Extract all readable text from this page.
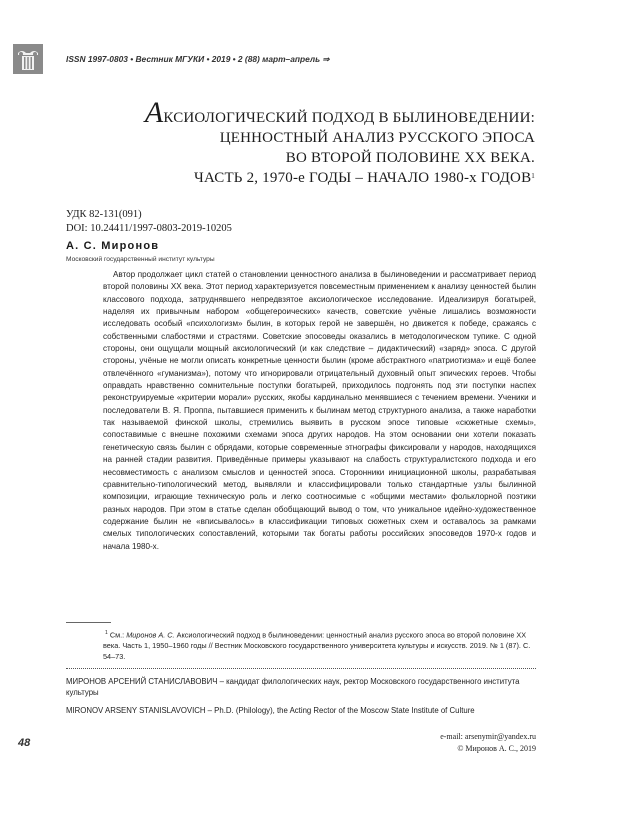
ISSN 1997-0803 • Вестник МГУКИ • 2019 • 2 (88) март–апрель ⇒
АКСИОЛОГИЧЕСКИЙ ПОДХОД В БЫЛИНОВЕДЕНИИ:
ЦЕННОСТНЫЙ АНАЛИЗ РУССКОГО ЭПОСА
ВО ВТОРОЙ ПОЛОВИНЕ XX ВЕКА.
ЧАСТЬ 2, 1970-е ГОДЫ – НАЧАЛО 1980-х ГОДОВ$^1$
УДК 82-131(091)
DOI: 10.24411/1997-0803-2019-10205
А. С. Миронов
Московский государственный институт культуры

Автор продолжает цикл статей о становлении ценностного анализа в былиноведении и рассматривает период второй половины XX века. Этот период характеризуется повсеместным применением к анализу ценностей былин классового подхода, затруднявшего непредвзятое аксиологическое исследование. Идеализируя богатырей, наделяя их привычным набором «общегероических» качеств, советские учёные лишались возможности исследовать особый «психологизм» былин, в которых герой не завершён, но движется к победе, сражаясь с собственными слабостями и страстями. Советские эпосоведы оказались в методологическом тупике. С одной стороны, они ощущали мощный аксиологический (и как следствие – дидактический) «заряд» эпоса. С другой стороны, учёные не могли описать конкретные ценности былин (кроме абстрактного «патриотизма» и ещё более отвлечённого «гуманизма»), потому что игнорировали отрицательный духовный опыт эпических героев. Чтобы оправдать нравственно сомнительные поступки богатырей, приходилось подгонять под эти поступки наспех реконструируемые «критерии морали» русских, якобы кардинально менявшиеся с течением времени. Ученики и последователи В. Я. Проппа, пытавшиеся применить к былинам метод структурного анализа, а также наработки так называемой финской школы, стремились выявить в русском эпосе типовые «сюжетные схемы», сопоставимые с внешне похожими схемами эпоса других народов. На этом основании они хотели показать генетическую связь былин с обрядами, которые современные этнографы фиксировали у народов, находящихся на ранней стадии развития. Приведённые примеры указывают на слабость структуралистского подхода и его несовместимость с анализом смыслов и ценностей эпоса. Сторонники инициационной школы, разрабатывая сравнительно-типологический метод, выявляли и классифицировали только стандартные узлы былинной композиции, играющие техническую роль и легко соотносимые с «общими местами» фольклорной поэтики разных народов. При этом в статье сделан обобщающий вывод о том, что уникальное идейно-художественное содержание былин не «вписывалось» в классификации типовых сюжетных схем и оставалось за рамками смелых типологических сопоставлений, которыми так богаты работы российских эпосоведов 1970-х годов и начала 1980-х.

$^1$ См.: Миронов А. С. Аксиологический подход в былиноведении: ценностный анализ русского эпоса во второй половине XX века. Часть 1, 1950–1960 годы // Вестник Московского государственного университета культуры и искусств. 2019. № 1 (87). С. 54–73.

МИРОНОВ АРСЕНИЙ СТАНИСЛАВОВИЧ – кандидат филологических наук, ректор Московского государственного института культуры

MIRONOV ARSENY STANISLAVOVICH – Ph.D. (Philology), the Acting Rector of the Moscow State Institute of Culture

e-mail: arsenymir@yandex.ru
© Миронов А. С., 2019
48
